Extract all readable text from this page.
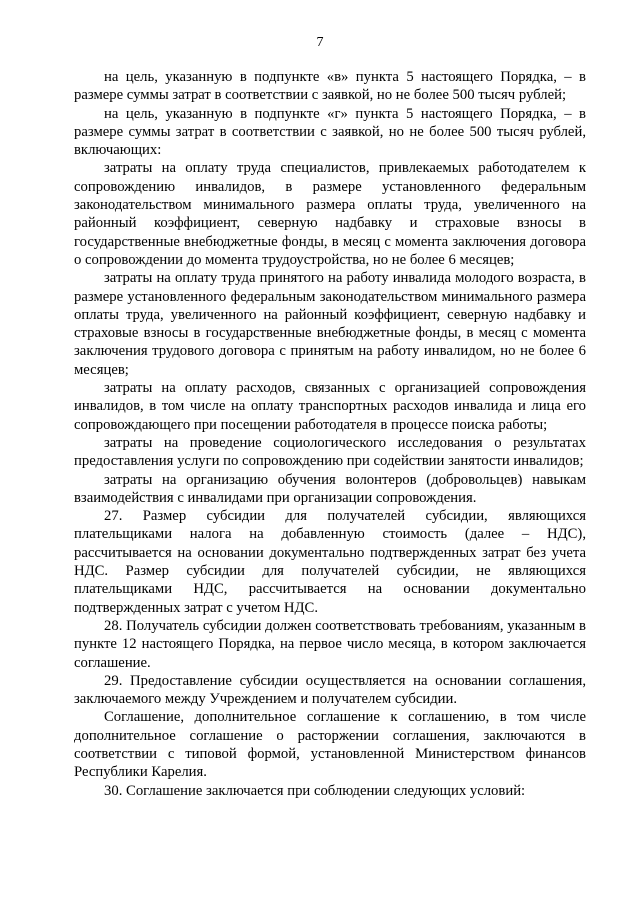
7

на цель, указанную в подпункте «в» пункта 5 настоящего Порядка, – в размере суммы затрат в соответствии с заявкой, но не более 500 тысяч рублей;

на цель, указанную в подпункте «г» пункта 5 настоящего Порядка, – в размере суммы затрат в соответствии с заявкой, но не более 500 тысяч рублей, включающих:

затраты на оплату труда специалистов, привлекаемых работодателем к сопровождению инвалидов, в размере установленного федеральным законодательством минимального размера оплаты труда, увеличенного на районный коэффициент, северную надбавку и страховые взносы в государственные внебюджетные фонды, в месяц с момента заключения договора о сопровождении до момента трудоустройства, но не более 6 месяцев;

затраты на оплату труда принятого на работу инвалида молодого возраста, в размере установленного федеральным законодательством минимального размера оплаты труда, увеличенного на районный коэффициент, северную надбавку и страховые взносы в государственные внебюджетные фонды, в месяц с момента заключения трудового договора с принятым на работу инвалидом, но не более 6 месяцев;

затраты на оплату расходов, связанных с организацией сопровождения инвалидов, в том числе на оплату транспортных расходов инвалида и лица его сопровождающего при посещении работодателя в процессе поиска работы;

затраты на проведение социологического исследования о результатах предоставления услуги по сопровождению при содействии занятости инвалидов;

затраты на организацию обучения волонтеров (добровольцев) навыкам взаимодействия с инвалидами при организации сопровождения.

27. Размер субсидии для получателей субсидии, являющихся плательщиками налога на добавленную стоимость (далее – НДС), рассчитывается на основании документально подтвержденных затрат без учета НДС. Размер субсидии для получателей субсидии, не являющихся плательщиками НДС, рассчитывается на основании документально подтвержденных затрат с учетом НДС.

28. Получатель субсидии должен соответствовать требованиям, указанным в пункте 12 настоящего Порядка, на первое число месяца, в котором заключается соглашение.

29. Предоставление субсидии осуществляется на основании соглашения, заключаемого между Учреждением и получателем субсидии.

Соглашение, дополнительное соглашение к соглашению, в том числе дополнительное соглашение о расторжении соглашения, заключаются в соответствии с типовой формой, установленной Министерством финансов Республики Карелия.

30. Соглашение заключается при соблюдении следующих условий:
